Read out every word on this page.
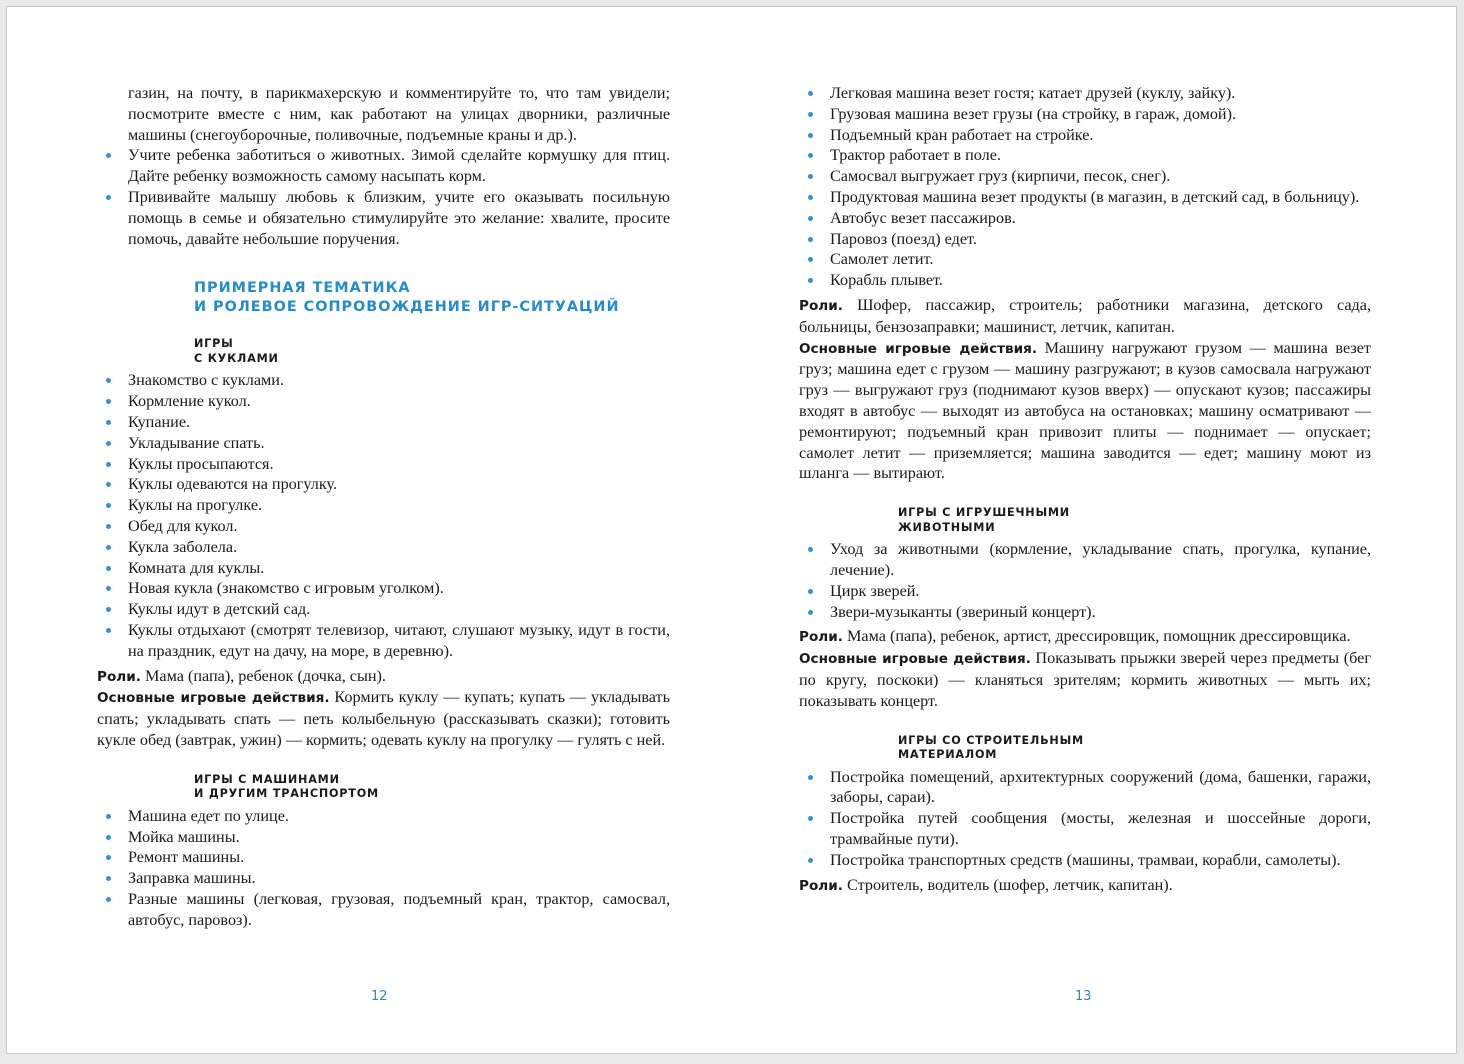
газин, на почту, в парикмахерскую и комментируйте то, что там увидели; посмотрите вместе с ним, как работают на улицах дворники, различные машины (снегоуборочные, поливочные, подъемные краны и др.).

Учите ребенка заботиться о животных. Зимой сделайте кормушку для птиц. Дайте ребенку возможность самому насыпать корм.
Прививайте малышу любовь к близким, учите его оказывать посильную помощь в семье и обязательно стимулируйте это желание: хвалите, просите помочь, давайте небольшие поручения.
ПРИМЕРНАЯ ТЕМАТИКА
И РОЛЕВОЕ СОПРОВОЖДЕНИЕ ИГР-СИТУАЦИЙ
ИГРЫ
С КУКЛАМИ
Знакомство с куклами.
Кормление кукол.
Купание.
Укладывание спать.
Куклы просыпаются.
Куклы одеваются на прогулку.
Куклы на прогулке.
Обед для кукол.
Кукла заболела.
Комната для куклы.
Новая кукла (знакомство с игровым уголком).
Куклы идут в детский сад.
Куклы отдыхают (смотрят телевизор, читают, слушают музыку, идут в гости, на праздник, едут на дачу, на море, в деревню).

Роли. Мама (папа), ребенок (дочка, сын).

Основные игровые действия. Кормить куклу — купать; купать — укладывать спать; укладывать спать — петь колыбельную (рассказывать сказки); готовить кукле обед (завтрак, ужин) — кормить; одевать куклу на прогулку — гулять с ней.

ИГРЫ С МАШИНАМИ
И ДРУГИМ ТРАНСПОРТОМ
Машина едет по улице.
Мойка машины.
Ремонт машины.
Заправка машины.
Разные машины (легковая, грузовая, подъемный кран, трактор, самосвал, автобус, паровоз).
12
Легковая машина везет гостя; катает друзей (куклу, зайку).
Грузовая машина везет грузы (на стройку, в гараж, домой).
Подъемный кран работает на стройке.
Трактор работает в поле.
Самосвал выгружает груз (кирпичи, песок, снег).
Продуктовая машина везет продукты (в магазин, в детский сад, в больницу).
Автобус везет пассажиров.
Паровоз (поезд) едет.
Самолет летит.
Корабль плывет.

Роли. Шофер, пассажир, строитель; работники магазина, детского сада, больницы, бензозаправки; машинист, летчик, капитан.

Основные игровые действия. Машину нагружают грузом — машина везет груз; машина едет с грузом — машину разгружают; в кузов самосвала нагружают груз — выгружают груз (поднимают кузов вверх) — опускают кузов; пассажиры входят в автобус — выходят из автобуса на остановках; машину осматривают — ремонтируют; подъемный кран привозит плиты — поднимает — опускает; самолет летит — приземляется; машина заводится — едет; машину моют из шланга — вытирают.

ИГРЫ С ИГРУШЕЧНЫМИ
ЖИВОТНЫМИ
Уход за животными (кормление, укладывание спать, прогулка, купание, лечение).
Цирк зверей.
Звери-музыканты (звериный концерт).

Роли. Мама (папа), ребенок, артист, дрессировщик, помощник дрессировщика.

Основные игровые действия. Показывать прыжки зверей через предметы (бег по кругу, поскоки) — кланяться зрителям; кормить животных — мыть их; показывать концерт.

ИГРЫ СО СТРОИТЕЛЬНЫМ
МАТЕРИАЛОМ
Постройка помещений, архитектурных сооружений (дома, башенки, гаражи, заборы, сараи).
Постройка путей сообщения (мосты, железная и шоссейные дороги, трамвайные пути).
Постройка транспортных средств (машины, трамваи, корабли, самолеты).

Роли. Строитель, водитель (шофер, летчик, капитан).

13
